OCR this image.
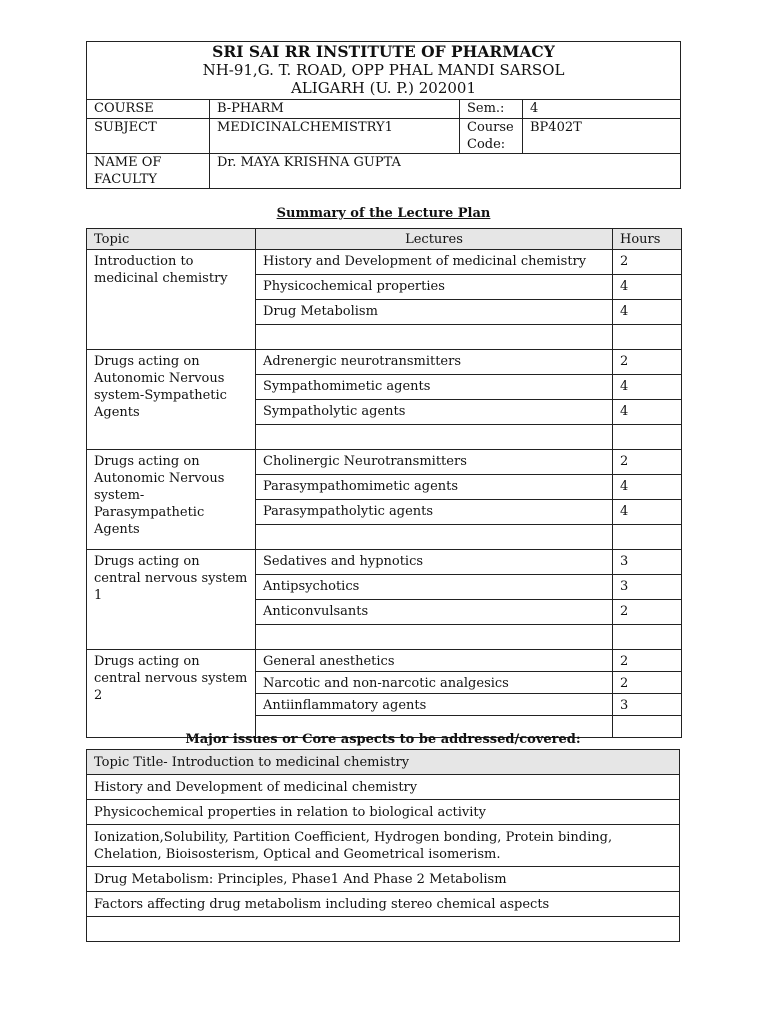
SRI SAI RR INSTITUTE OF PHARMACY
NH-91,G. T. ROAD, OPP PHAL MANDI SARSOL
ALIGARH (U. P.) 202001			

COURSE	B-PHARM	Sem.:	4
SUBJECT	MEDICINALCHEMISTRY1	Course Code:	BP402T
NAME OF FACULTY	Dr. MAYA KRISHNA GUPTA		
Summary of the Lecture Plan
Topic	Lectures	Hours
Introduction to medicinal chemistry	History and Development of medicinal chemistry	2
	Physicochemical properties	4
	Drug Metabolism	4

Drugs acting on Autonomic Nervous system-Sympathetic Agents	Adrenergic neurotransmitters	2
	Sympathomimetic agents	4
	Sympatholytic agents	4

Drugs acting on Autonomic Nervous system-Parasympathetic Agents	Cholinergic Neurotransmitters	2
	Parasympathomimetic agents	4
	Parasympatholytic agents	4

Drugs acting on central nervous system 1	Sedatives and hypnotics	3
	Antipsychotics	3
	Anticonvulsants	2

Drugs acting on central nervous system 2	General anesthetics	2
	Narcotic and non-narcotic analgesics	2
	Antiinflammatory agents	3

Major issues or Core aspects to be addressed/covered:
Topic Title- Introduction to medicinal chemistry
History and Development of medicinal chemistry
Physicochemical properties in relation to biological activity
Ionization,Solubility, Partition Coefficient, Hydrogen bonding, Protein binding, Chelation, Bioisosterism, Optical and Geometrical isomerism.
Drug Metabolism: Principles, Phase1 And Phase 2 Metabolism
Factors affecting drug metabolism including stereo chemical aspects
